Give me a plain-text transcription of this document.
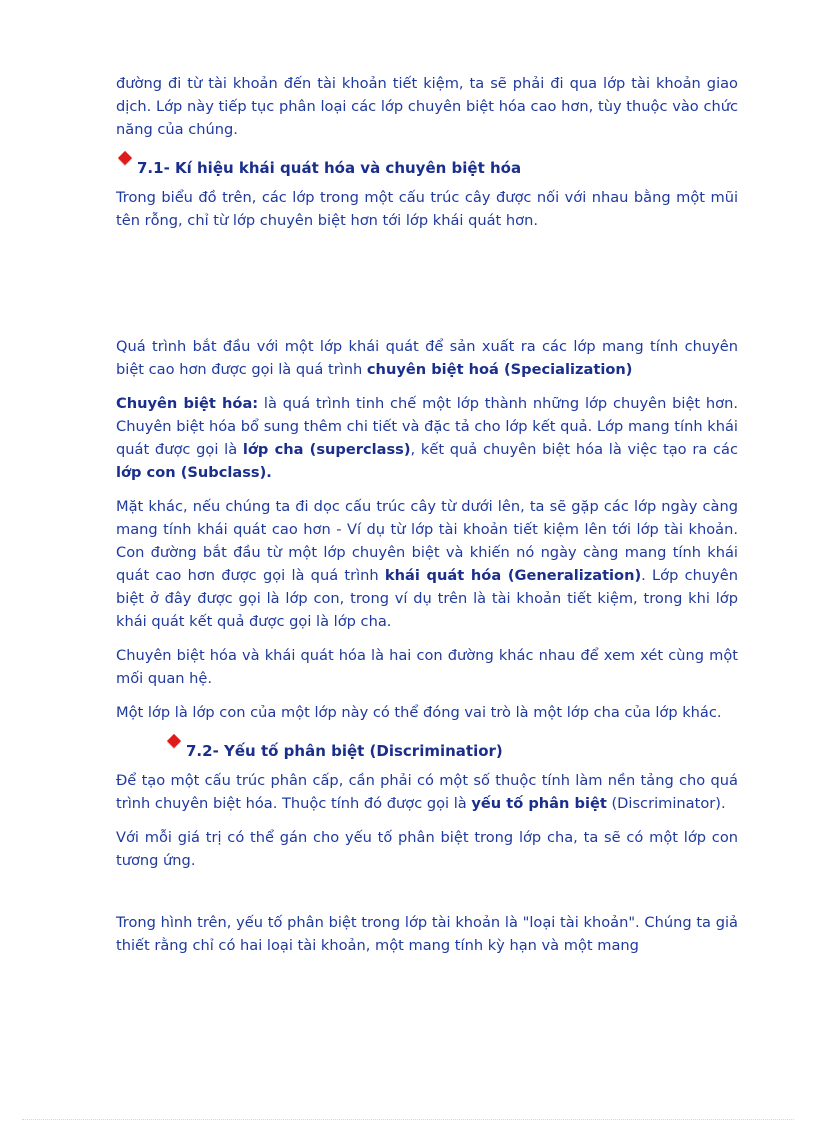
đường đi từ tài khoản đến tài khoản tiết kiệm, ta sẽ phải đi qua lớp tài khoản giao dịch. Lớp này tiếp tục phân loại các lớp chuyên biệt hóa cao hơn, tùy thuộc vào chức năng của chúng.

7.1- Kí hiệu khái quát hóa và chuyên biệt hóa

Trong biểu đồ trên, các lớp trong một cấu trúc cây được nối với nhau bằng một mũi tên rỗng, chỉ từ lớp chuyên biệt hơn tới lớp khái quát hơn.

Quá trình bắt đầu với một lớp khái quát để sản xuất ra các lớp mang tính chuyên biệt cao hơn được gọi là quá trình chuyên biệt hoá (Specialization)

Chuyên biệt hóa: là quá trình tinh chế một lớp thành những lớp chuyên biệt hơn. Chuyên biệt hóa bổ sung thêm chi tiết và đặc tả cho lớp kết quả. Lớp mang tính khái quát được gọi là lớp cha (superclass), kết quả chuyên biệt hóa là việc tạo ra các lớp con (Subclass).

Mặt khác, nếu chúng ta đi dọc cấu trúc cây từ dưới lên, ta sẽ gặp các lớp ngày càng mang tính khái quát cao hơn - Ví dụ từ lớp tài khoản tiết kiệm lên tới lớp tài khoản. Con đường bắt đầu từ một lớp chuyên biệt và khiến nó ngày càng mang tính khái quát cao hơn được gọi là quá trình khái quát hóa (Generalization). Lớp chuyên biệt ở đây được gọi là lớp con, trong ví dụ trên là tài khoản tiết kiệm, trong khi lớp khái quát kết quả được gọi là lớp cha.

Chuyên biệt hóa và khái quát hóa là hai con đường khác nhau để xem xét cùng một mối quan hệ.

Một lớp là lớp con của một lớp này có thể đóng vai trò là một lớp cha của lớp khác.

7.2- Yếu tố phân biệt (Discriminatior)

Để tạo một cấu trúc phân cấp, cần phải có một số thuộc tính làm nền tảng cho quá trình chuyên biệt hóa. Thuộc tính đó được gọi là yếu tố phân biệt (Discriminator).

Với mỗi giá trị có thể gán cho yếu tố phân biệt trong lớp cha, ta sẽ có một lớp con tương ứng.

Trong hình trên, yếu tố phân biệt trong lớp tài khoản là "loại tài khoản". Chúng ta giả thiết rằng chỉ có hai loại tài khoản, một mang tính kỳ hạn và một mang
